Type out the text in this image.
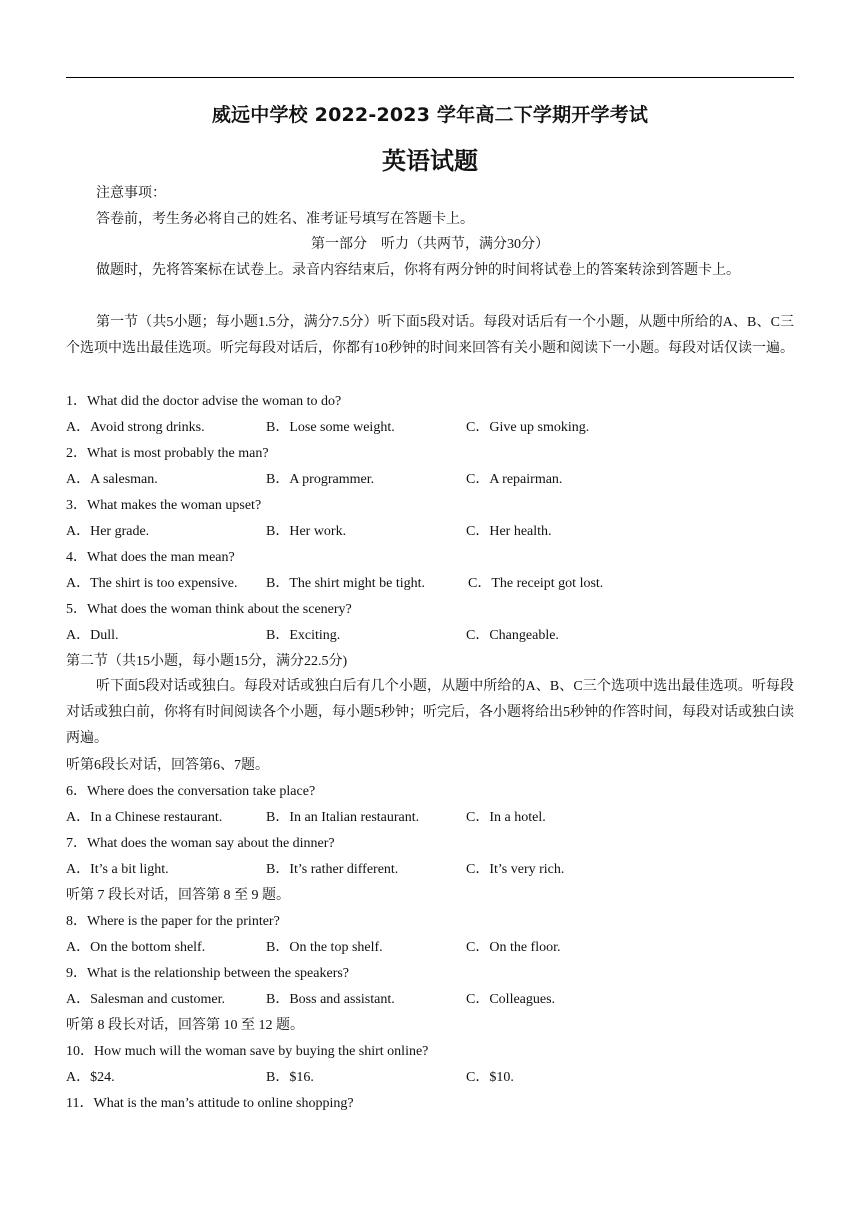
威远中学校 2022-2023 学年高二下学期开学考试
英语试题
注意事项：
答卷前，考生务必将自己的姓名、准考证号填写在答题卡上。
第一部分　听力（共两节，满分30分）
做题时，先将答案标在试卷上。录音内容结束后，你将有两分钟的时间将试卷上的答案转涂到答题卡上。
第一节（共5小题；每小题1.5分，满分7.5分）听下面5段对话。每段对话后有一个小题，从题中所给的A、B、C三个选项中选出最佳选项。听完每段对话后，你都有10秒钟的时间来回答有关小题和阅读下一小题。每段对话仅读一遍。
1．What did the doctor advise the woman to do?
A．Avoid strong drinks.	B．Lose some weight.	C．Give up smoking.
2．What is most probably the man?
A．A salesman.	B．A programmer.	C．A repairman.
3．What makes the woman upset?
A．Her grade.	B．Her work.	C．Her health.
4．What does the man mean?
A．The shirt is too expensive. B．The shirt might be tight.	C．The receipt got lost.
5．What does the woman think about the scenery?
A．Dull.	B．Exciting.	C．Changeable.
第二节（共15小题，每小题15分，满分22.5分)
听下面5段对话或独白。每段对话或独白后有几个小题，从题中所给的A、B、C三个选项中选出最佳选项。听每段对话或独白前，你将有时间阅读各个小题，每小题5秒钟；听完后，各小题将给出5秒钟的作答时间，每段对话或独白读两遍。
听第6段长对话，回答第6、7题。
6．Where does the conversation take place?
A．In a Chinese restaurant.	B．In an Italian restaurant.	C．In a hotel.
7．What does the woman say about the dinner?
A．It’s a bit light.	B．It’s rather different.	C．It’s very rich.
听第 7 段长对话，回答第 8 至 9 题。
8．Where is the paper for the printer?
A．On the bottom shelf.	B．On the top shelf.	C．On the floor.
9．What is the relationship between the speakers?
A．Salesman and customer.	B．Boss and assistant.	C．Colleagues.
听第 8 段长对话，回答第 10 至 12 题。
10．How much will the woman save by buying the shirt online?
A．$24.	B．$16.	C．$10.
11．What is the man’s attitude to online shopping?
